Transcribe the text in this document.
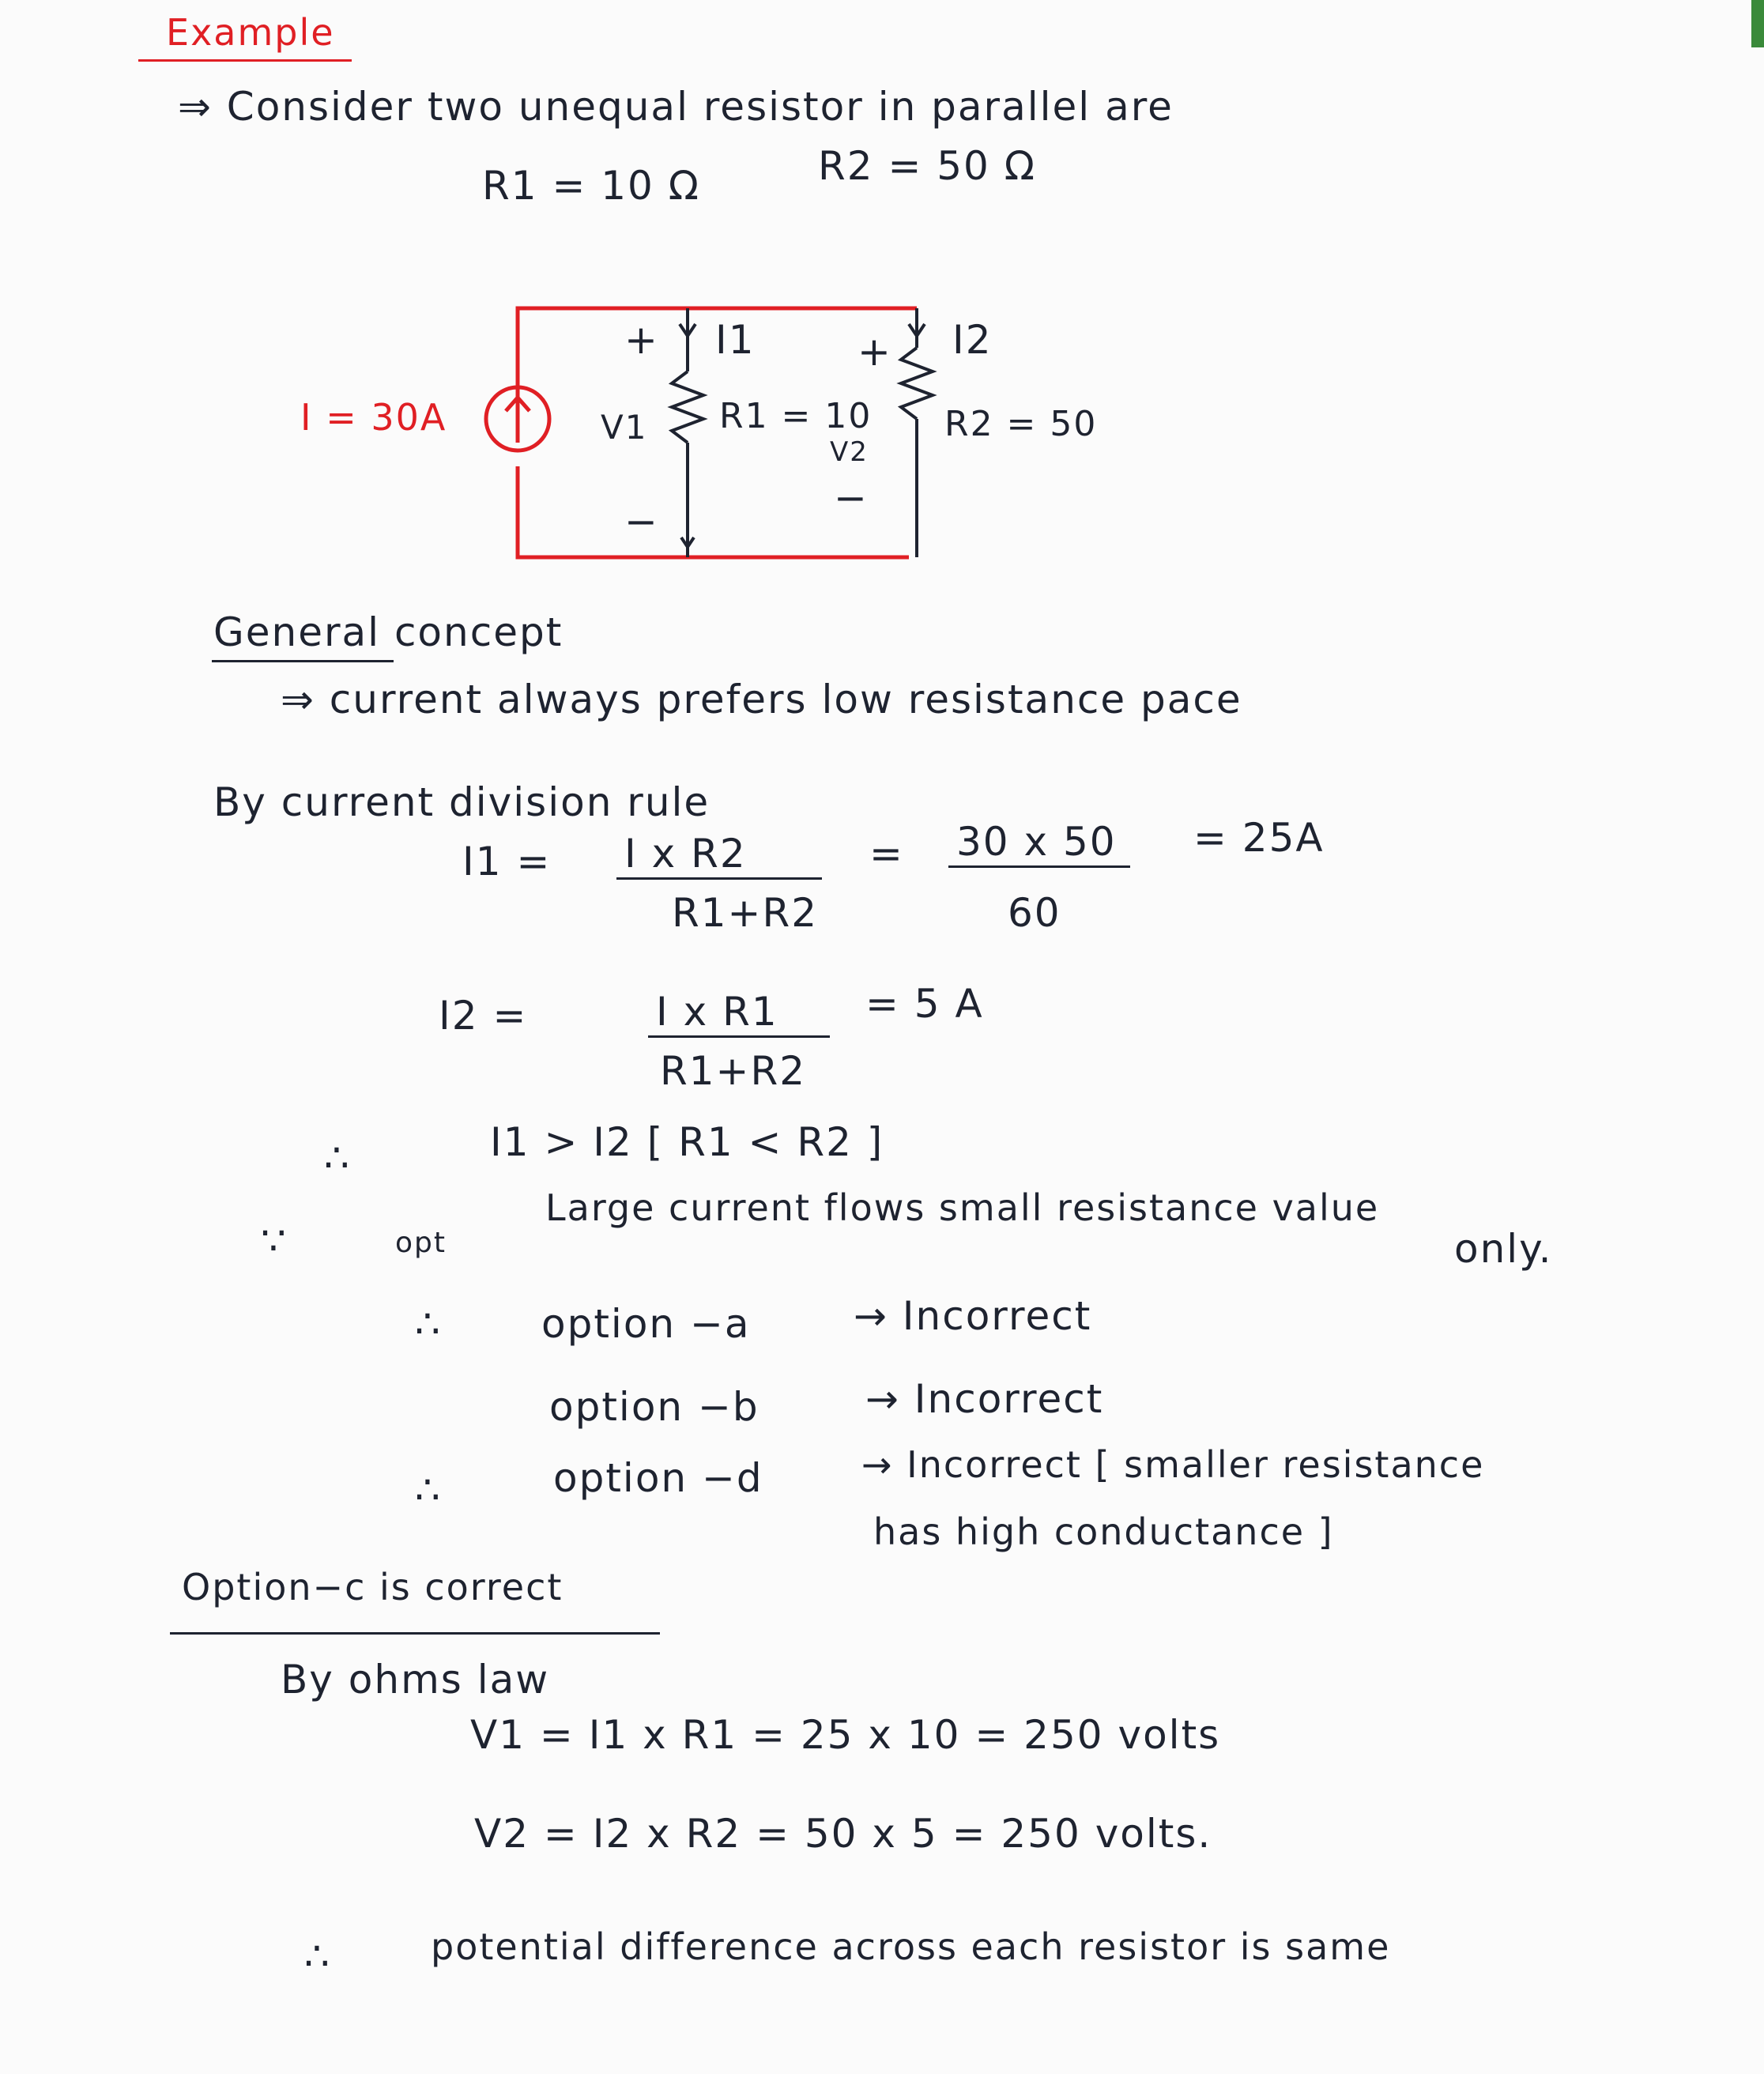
Example
⇒ Consider two unequal resistor in parallel are
R1 = 10 Ω	R2 = 50 Ω
I = 30A
+ I1	+ I2
V1 R1 = 10
V2
R2 = 50
−
−
General concept
⇒ current always prefers low resistance pace
By current division rule
I1 = I x R2
R1+R2
= 30 x 50
60
= 25A
I2 =	I x R1
R1+R2
= 5 A
∴	I1 > I2 [ R1 < R2 ]
∵	opt
Large current flows small resistance value
only.
∴	option −a	→ Incorrect
option −b	→ Incorrect
∴	option −d	→ Incorrect [ smaller resistance
has high conductance ]
Option−c is correct
By ohms law
V1 = I1 x R1 = 25 x 10 = 250 volts
V2 = I2 x R2 = 50 x 5 = 250 volts.
∴	potential difference across each resistor is same
